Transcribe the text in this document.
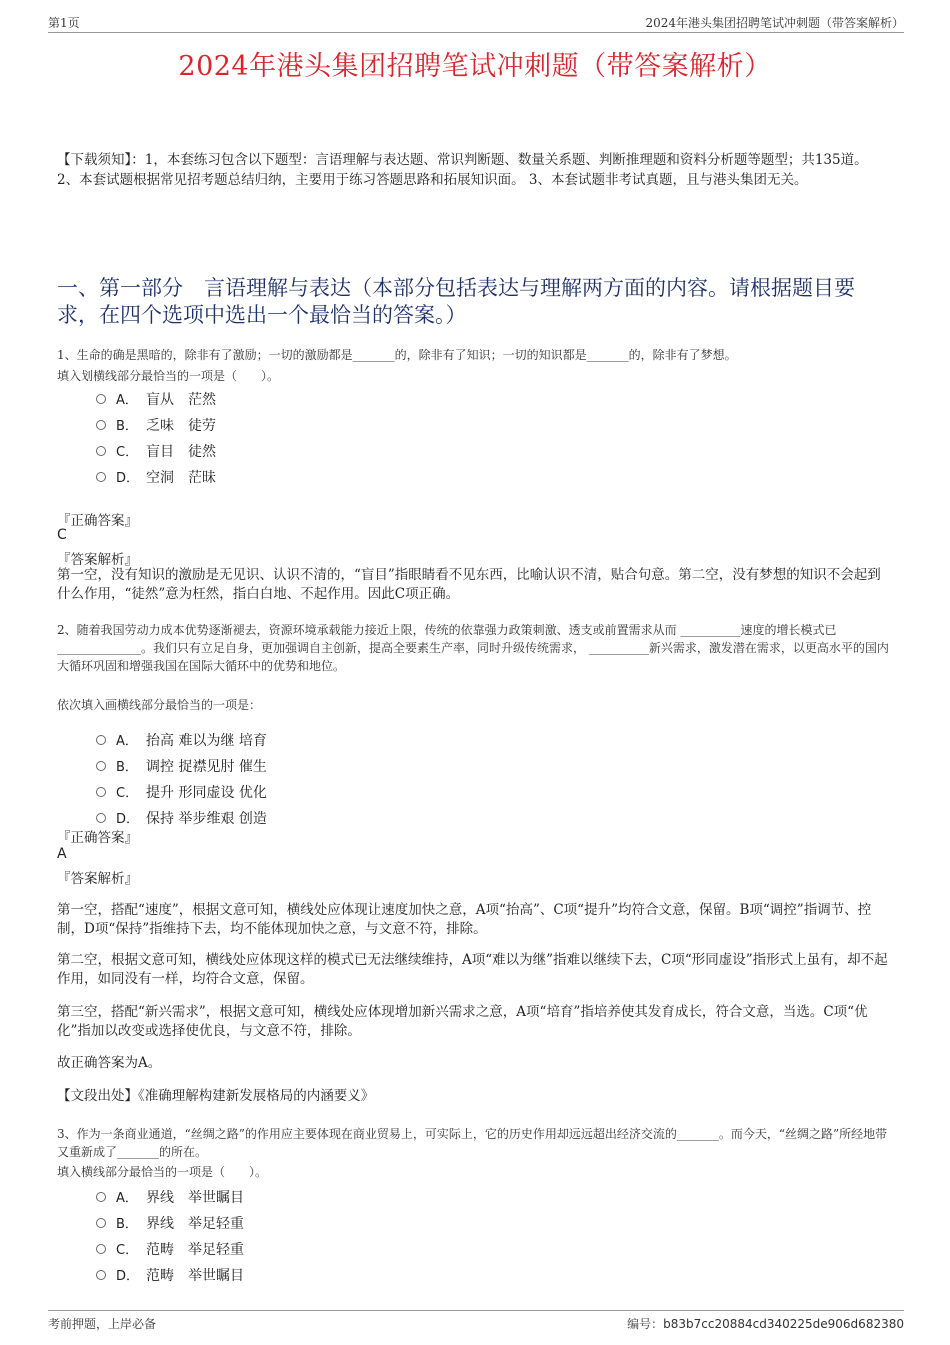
第1页	2024年港头集团招聘笔试冲刺题（带答案解析）
2024年港头集团招聘笔试冲刺题（带答案解析）
【下载须知】：1，本套练习包含以下题型：言语理解与表达题、常识判断题、数量关系题、判断推理题和资料分析题等题型；共135道。 2、本套试题根据常见招考题总结归纳，主要用于练习答题思路和拓展知识面。 3、本套试题非考试真题，且与港头集团无关。
一、第一部分　言语理解与表达（本部分包括表达与理解两方面的内容。请根据题目要求，在四个选项中选出一个最恰当的答案。）
1、生命的确是黑暗的，除非有了激励；一切的激励都是_______的，除非有了知识；一切的知识都是_______的，除非有了梦想。
填入划横线部分最恰当的一项是（　　）。
A． 盲从　茫然
B． 乏味　徒劳
C． 盲目　徒然
D． 空洞　茫昧
『正确答案』
C
『答案解析』
第一空，没有知识的激励是无见识、认识不清的，“盲目”指眼睛看不见东西，比喻认识不清，贴合句意。第二空，没有梦想的知识不会起到什么作用，“徒然”意为枉然，指白白地、不起作用。因此C项正确。
2、随着我国劳动力成本优势逐渐褪去，资源环境承载能力接近上限，传统的依靠强力政策刺激、透支或前置需求从而 __________速度的增长模式已 ______________。我们只有立足自身，更加强调自主创新，提高全要素生产率，同时升级传统需求， __________新兴需求，激发潜在需求，以更高水平的国内大循环巩固和增强我国在国际大循环中的优势和地位。
依次填入画横线部分最恰当的一项是：
A． 抬高 难以为继 培育
B． 调控 捉襟见肘 催生
C． 提升 形同虚设 优化
D． 保持 举步维艰 创造
『正确答案』
A
『答案解析』
第一空，搭配“速度”，根据文意可知，横线处应体现让速度加快之意，A项“抬高”、C项“提升”均符合文意，保留。B项“调控”指调节、控制，D项“保持”指维持下去，均不能体现加快之意，与文意不符，排除。
第二空，根据文意可知，横线处应体现这样的模式已无法继续维持，A项“难以为继”指难以继续下去，C项“形同虚设”指形式上虽有，却不起作用，如同没有一样，均符合文意，保留。
第三空，搭配“新兴需求”，根据文意可知，横线处应体现增加新兴需求之意，A项“培育”指培养使其发育成长，符合文意，当选。C项“优化”指加以改变或选择使优良，与文意不符，排除。
故正确答案为A。
【文段出处】《准确理解构建新发展格局的内涵要义》
3、作为一条商业通道，“丝绸之路”的作用应主要体现在商业贸易上，可实际上，它的历史作用却远远超出经济交流的_______。而今天，“丝绸之路”所经地带又重新成了_______的所在。
填入横线部分最恰当的一项是（　　）。
A． 界线　举世瞩目
B． 界线　举足轻重
C． 范畴　举足轻重
D． 范畴　举世瞩目
考前押题，上岸必备	编号：b83b7cc20884cd340225de906d682380
